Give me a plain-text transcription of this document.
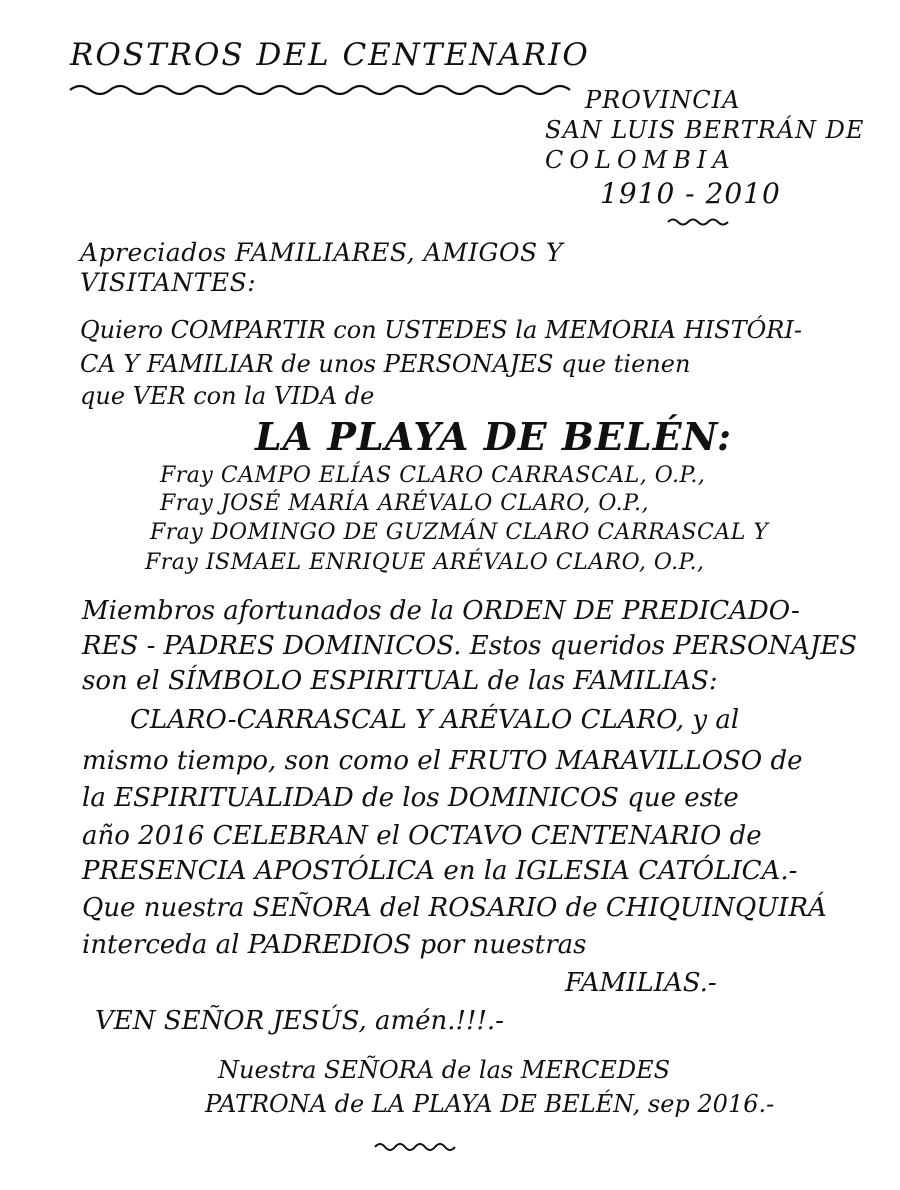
ROSTROS DEL CENTENARIO

PROVINCIA

SAN LUIS BERTRÁN DE

COLOMBIA

1910 - 2010

Apreciados FAMILIARES, AMIGOS Y

VISITANTES:

Quiero COMPARTIR con USTEDES la MEMORIA HISTÓRI-

CA Y FAMILIAR de unos PERSONAJES que tienen

que VER con la VIDA de

LA PLAYA DE BELÉN:

Fray CAMPO ELÍAS CLARO CARRASCAL, O.P.,

Fray JOSÉ MARÍA ARÉVALO CLARO, O.P.,

Fray DOMINGO DE GUZMÁN CLARO CARRASCAL Y

Fray ISMAEL ENRIQUE ARÉVALO CLARO, O.P.,

Miembros afortunados de la ORDEN DE PREDICADO-

RES - PADRES DOMINICOS. Estos queridos PERSONAJES

son el SÍMBOLO ESPIRITUAL de las FAMILIAS:

CLARO-CARRASCAL Y ARÉVALO CLARO, y al

mismo tiempo, son como el FRUTO MARAVILLOSO de

la ESPIRITUALIDAD de los DOMINICOS que este

año 2016 CELEBRAN el OCTAVO CENTENARIO de

PRESENCIA APOSTÓLICA en la IGLESIA CATÓLICA.-

Que nuestra SEÑORA del ROSARIO de CHIQUINQUIRÁ

interceda al PADREDIOS por nuestras

FAMILIAS.-

VEN SEÑOR JESÚS, amén.!!!.-

Nuestra SEÑORA de las MERCEDES

PATRONA de LA PLAYA DE BELÉN, sep 2016.-
